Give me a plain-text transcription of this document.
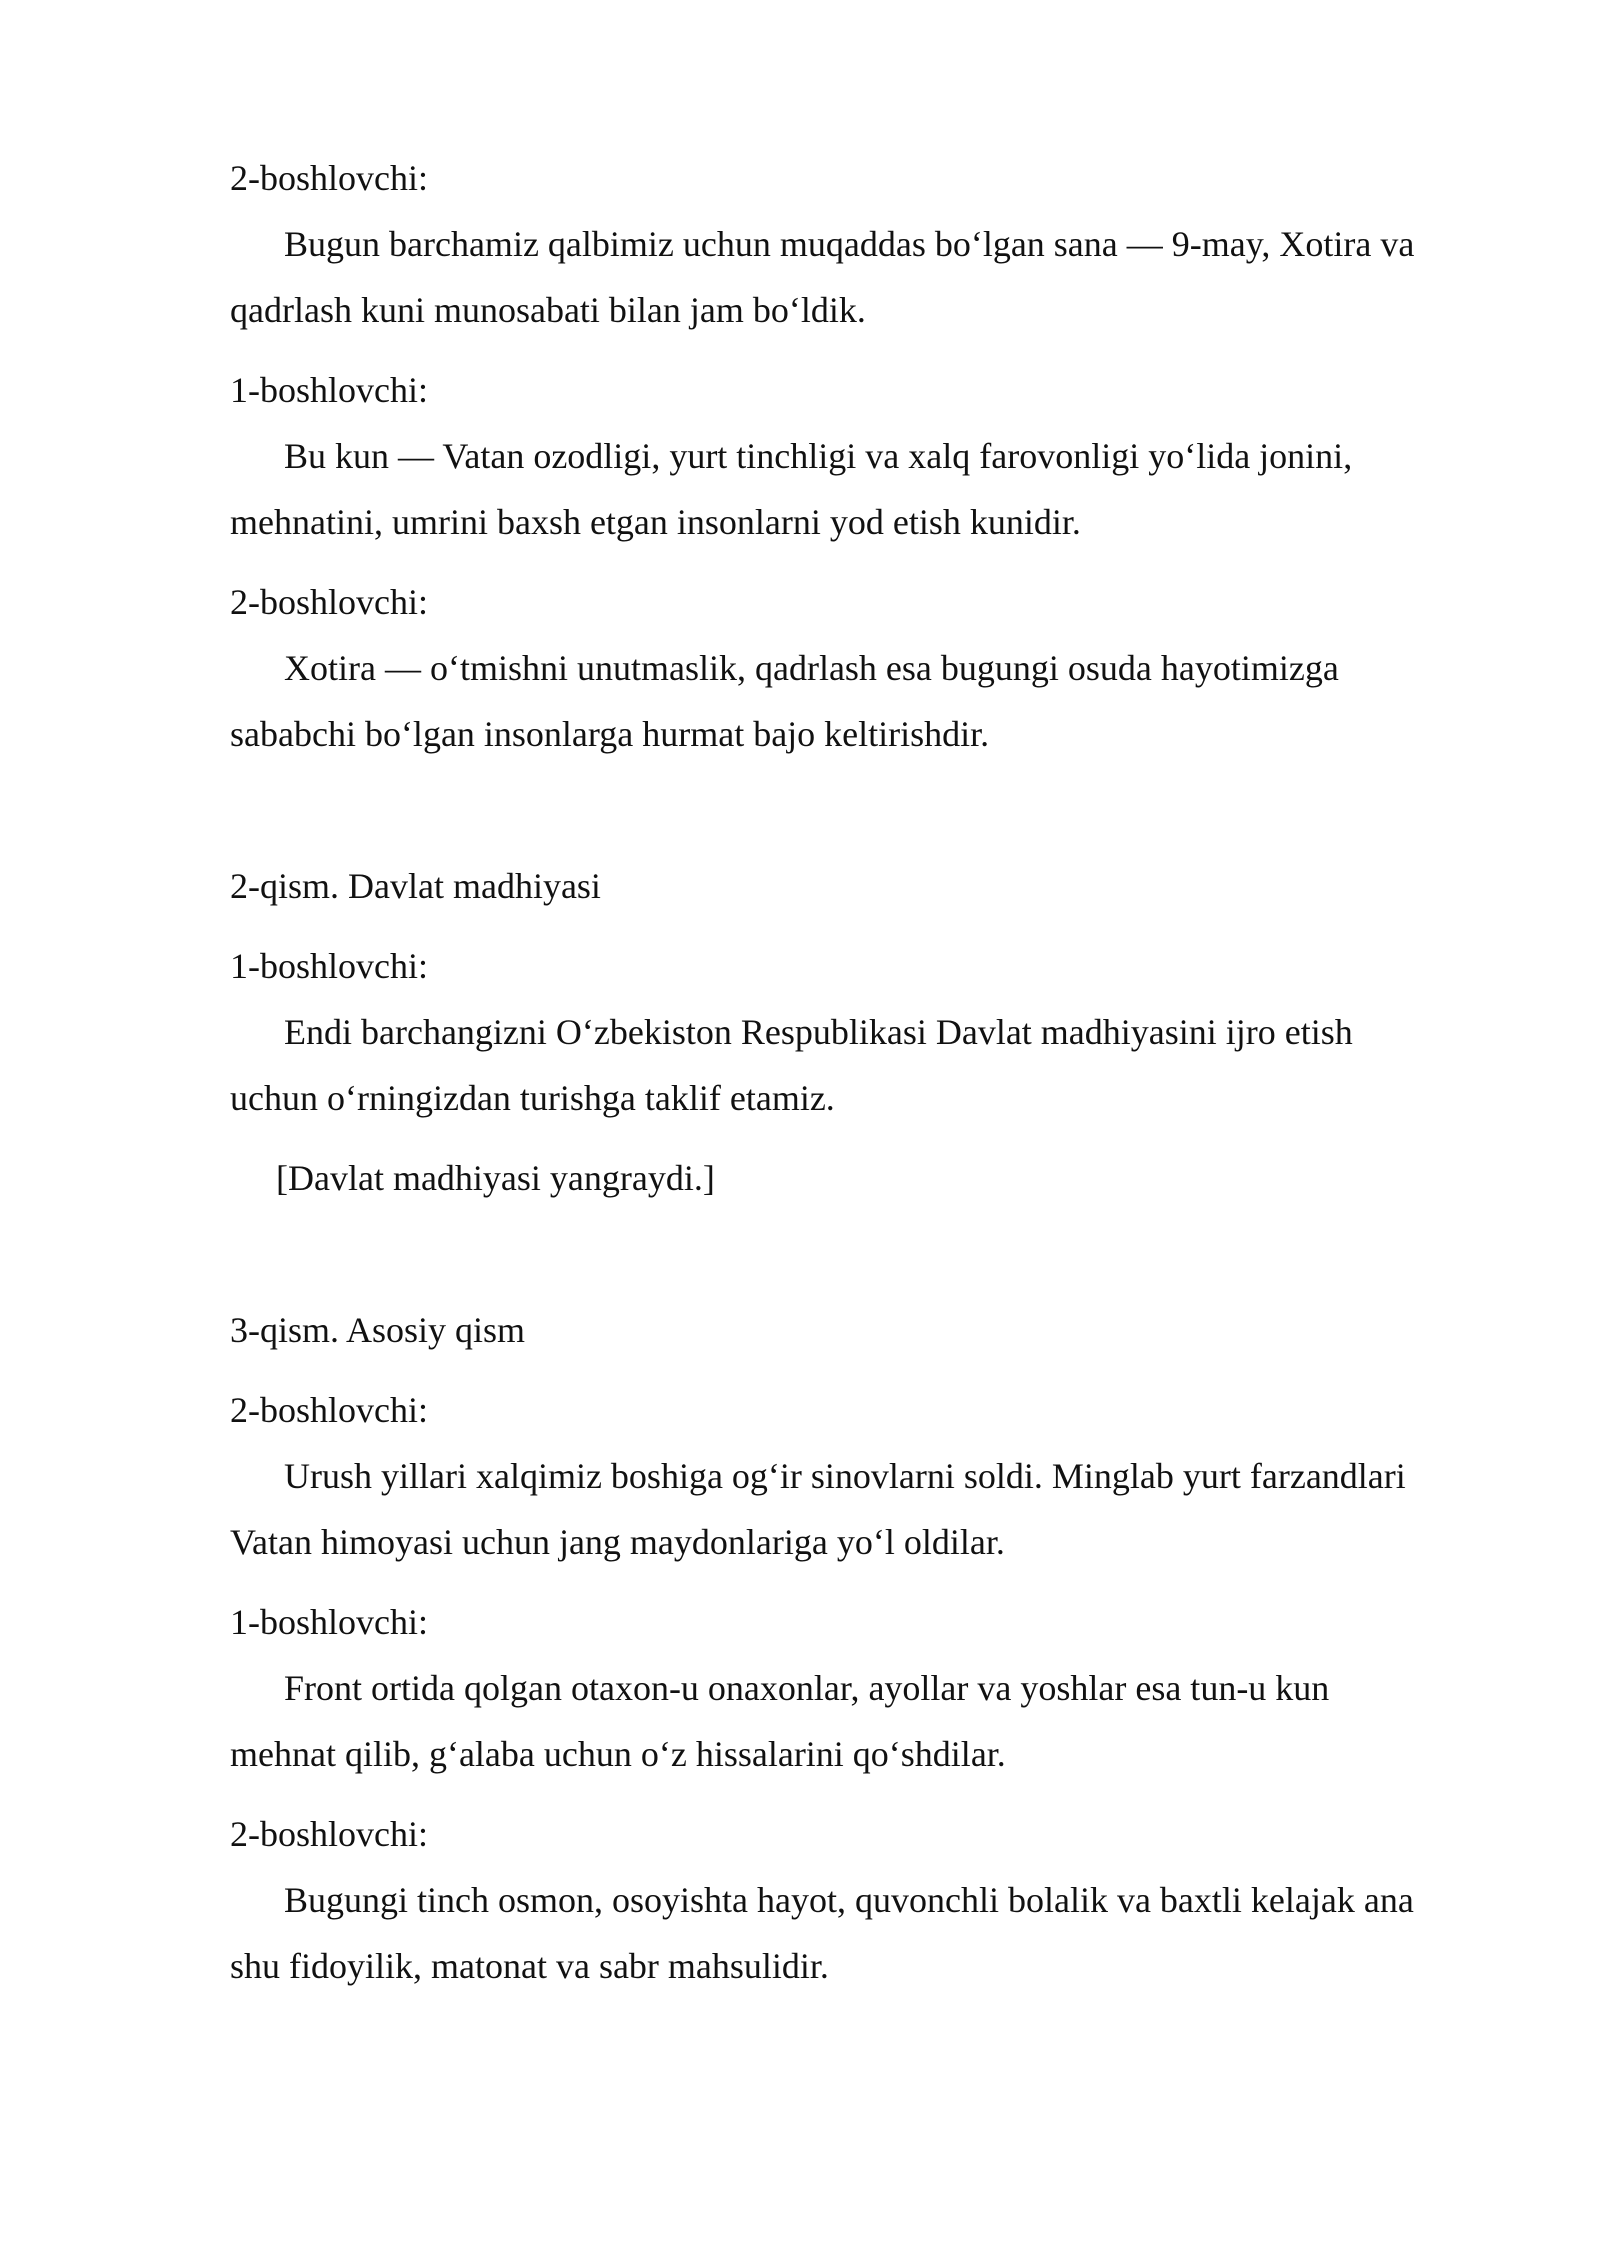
2-boshlovchi:
Bugun barchamiz qalbimiz uchun muqaddas bo‘lgan sana — 9-may, Xotira va
qadrlash kuni munosabati bilan jam bo‘ldik.
1-boshlovchi:
Bu kun — Vatan ozodligi, yurt tinchligi va xalq farovonligi yo‘lida jonini,
mehnatini, umrini baxsh etgan insonlarni yod etish kunidir.
2-boshlovchi:
Xotira — o‘tmishni unutmaslik, qadrlash esa bugungi osuda hayotimizga
sababchi bo‘lgan insonlarga hurmat bajo keltirishdir.
2-qism. Davlat madhiyasi
1-boshlovchi:
Endi barchangizni O‘zbekiston Respublikasi Davlat madhiyasini ijro etish
uchun o‘rningizdan turishga taklif etamiz.
[Davlat madhiyasi yangraydi.]
3-qism. Asosiy qism
2-boshlovchi:
Urush yillari xalqimiz boshiga og‘ir sinovlarni soldi. Minglab yurt farzandlari
Vatan himoyasi uchun jang maydonlariga yo‘l oldilar.
1-boshlovchi:
Front ortida qolgan otaxon-u onaxonlar, ayollar va yoshlar esa tun-u kun
mehnat qilib, g‘alaba uchun o‘z hissalarini qo‘shdilar.
2-boshlovchi:
Bugungi tinch osmon, osoyishta hayot, quvonchli bolalik va baxtli kelajak ana
shu fidoyilik, matonat va sabr mahsulidir.
